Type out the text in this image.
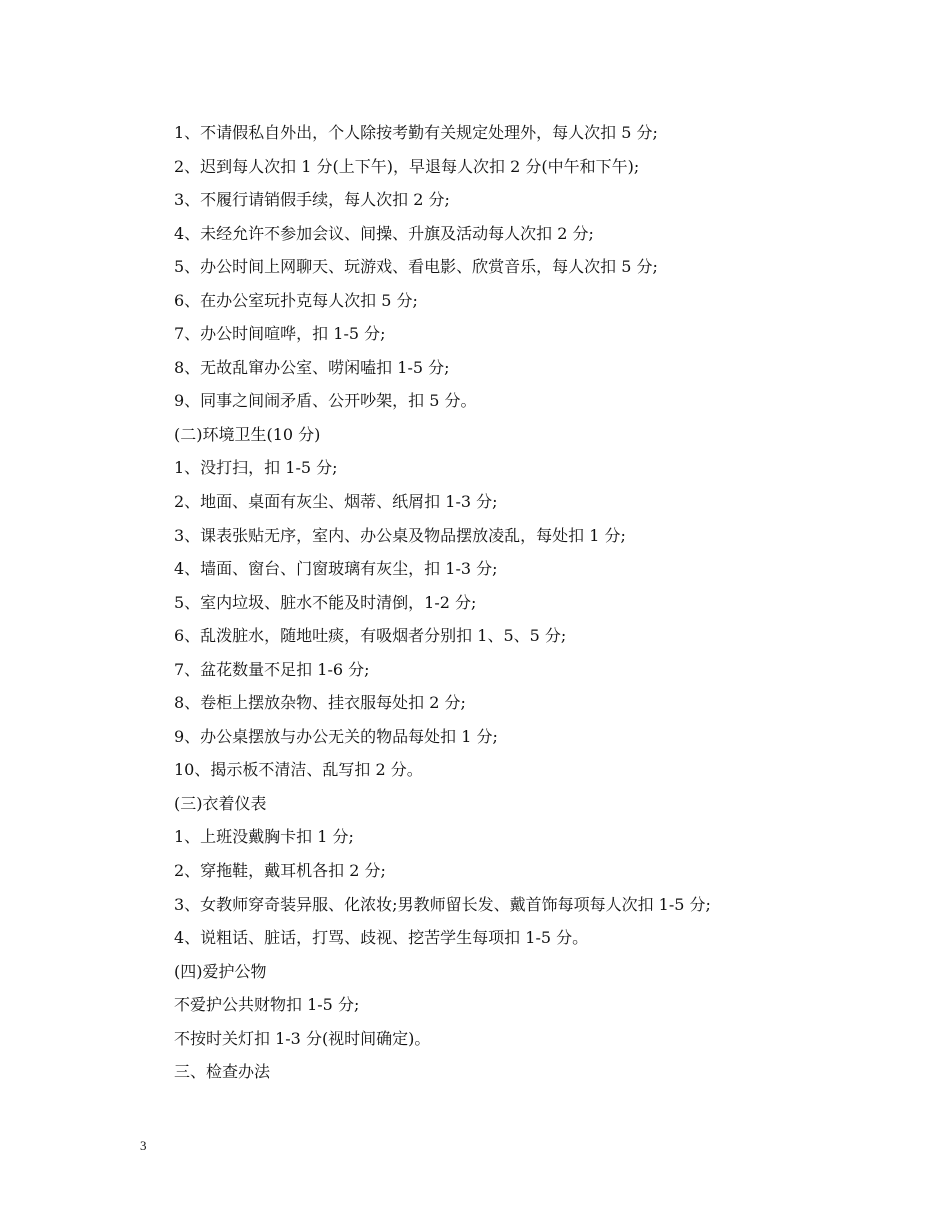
1、不请假私自外出，个人除按考勤有关规定处理外，每人次扣 5 分;
2、迟到每人次扣 1 分(上下午)，早退每人次扣 2 分(中午和下午);
3、不履行请销假手续，每人次扣 2 分;
4、未经允许不参加会议、间操、升旗及活动每人次扣 2 分;
5、办公时间上网聊天、玩游戏、看电影、欣赏音乐，每人次扣 5 分;
6、在办公室玩扑克每人次扣 5 分;
7、办公时间喧哗，扣 1-5 分;
8、无故乱窜办公室、唠闲嗑扣 1-5 分;
9、同事之间闹矛盾、公开吵架，扣 5 分。
(二)环境卫生(10 分)
1、没打扫，扣 1-5 分;
2、地面、桌面有灰尘、烟蒂、纸屑扣 1-3 分;
3、课表张贴无序，室内、办公桌及物品摆放凌乱，每处扣 1 分;
4、墙面、窗台、门窗玻璃有灰尘，扣 1-3 分;
5、室内垃圾、脏水不能及时清倒，1-2 分;
6、乱泼脏水，随地吐痰，有吸烟者分别扣 1、5、5 分;
7、盆花数量不足扣 1-6 分;
8、卷柜上摆放杂物、挂衣服每处扣 2 分;
9、办公桌摆放与办公无关的物品每处扣 1 分;
10、揭示板不清洁、乱写扣 2 分。
(三)衣着仪表
1、上班没戴胸卡扣 1 分;
2、穿拖鞋，戴耳机各扣 2 分;
3、女教师穿奇装异服、化浓妆;男教师留长发、戴首饰每项每人次扣 1-5 分;
4、说粗话、脏话，打骂、歧视、挖苦学生每项扣 1-5 分。
(四)爱护公物
不爱护公共财物扣 1-5 分;
不按时关灯扣 1-3 分(视时间确定)。
三、检查办法
3
